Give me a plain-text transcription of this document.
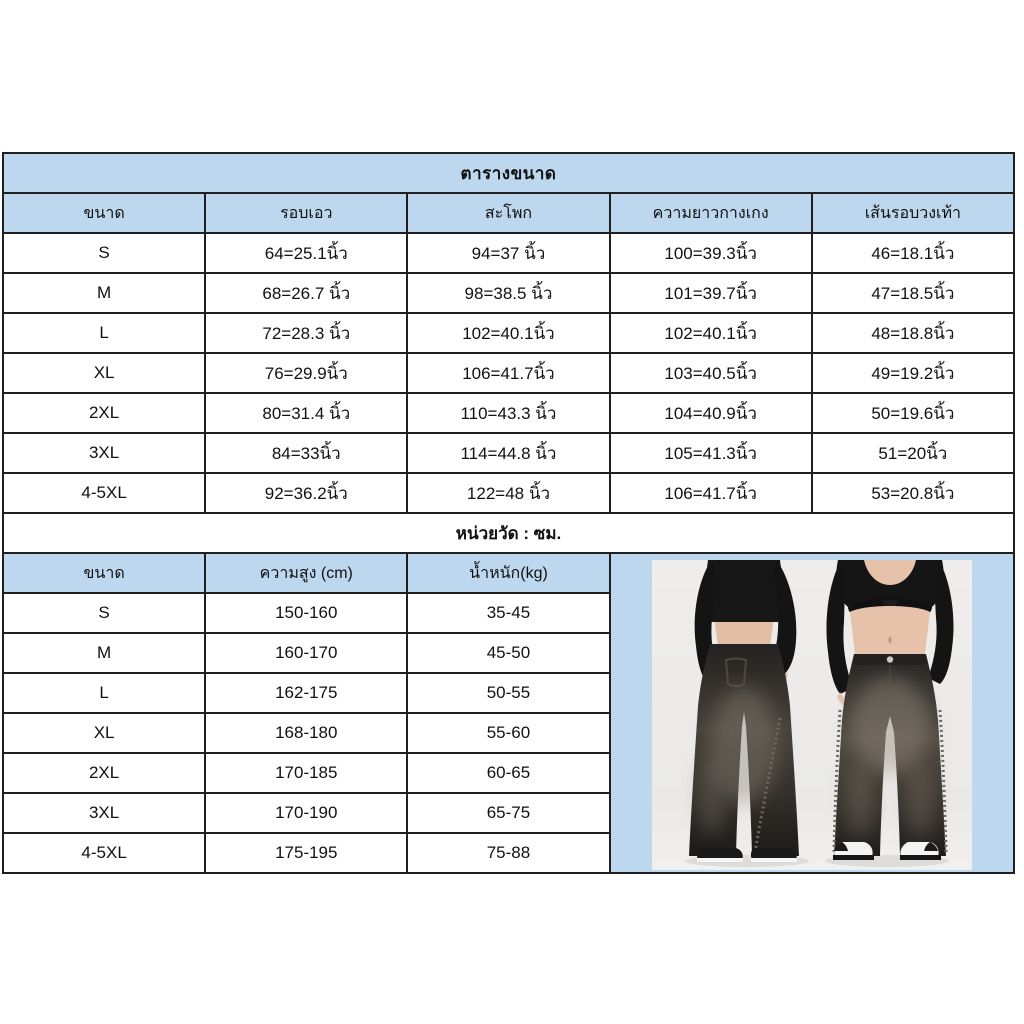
ตารางขนาด				
ขนาด	รอบเอว	สะโพก	ความยาวกางเกง	เส้นรอบวงเท้า
S	64=25.1นิ้ว	94=37 นิ้ว	100=39.3นิ้ว	46=18.1นิ้ว
M	68=26.7 นิ้ว	98=38.5 นิ้ว	101=39.7นิ้ว	47=18.5นิ้ว
L	72=28.3 นิ้ว	102=40.1นิ้ว	102=40.1นิ้ว	48=18.8นิ้ว
XL	76=29.9นิ้ว	106=41.7นิ้ว	103=40.5นิ้ว	49=19.2นิ้ว
2XL	80=31.4 นิ้ว	110=43.3 นิ้ว	104=40.9นิ้ว	50=19.6นิ้ว
3XL	84=33นิ้ว	114=44.8 นิ้ว	105=41.3นิ้ว	51=20นิ้ว
4-5XL	92=36.2นิ้ว	122=48 นิ้ว	106=41.7นิ้ว	53=20.8นิ้ว
หน่วยวัด : ซม.				
ขนาด	ความสูง (cm)	น้ำหนัก(kg)	

S	150-160	35-45		
M	160-170	45-50		
L	162-175	50-55		
XL	168-180	55-60		
2XL	170-185	60-65		
3XL	170-190	65-75		
4-5XL	175-195	75-88		
